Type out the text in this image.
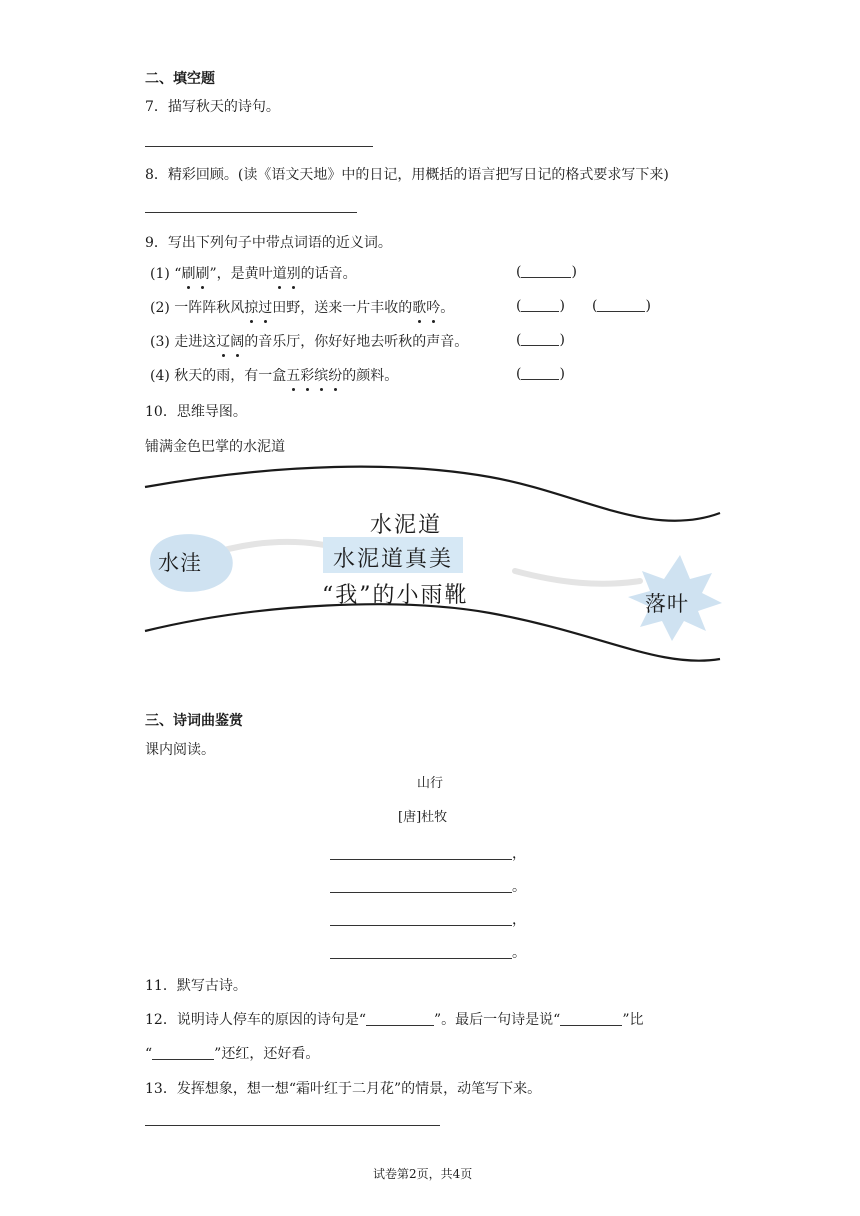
二、填空题
7．描写秋天的诗句。
8．精彩回顾。(读《语文天地》中的日记，用概括的语言把写日记的格式要求写下来)
9．写出下列句子中带点词语的近义词。
(1) “刷刷”，是黄叶道别的话音。	(	)
(2) 一阵阵秋风掠过田野，送来一片丰收的歌吟。	(	) (	)
(3) 走进这辽阔的音乐厅，你好好地去听秋的声音。	(	)
(4) 秋天的雨，有一盒五彩缤纷的颜料。	(	)
10．思维导图。
铺满金色巴掌的水泥道
水泥道
水泥道真美
“我”的小雨靴
水洼
落叶
三、诗词曲鉴赏
课内阅读。
山行
[唐]杜牧
，
。
，
。
11．默写古诗。
12．说明诗人停车的原因的诗句是“	”。最后一句诗是说“	”比
“	”还红，还好看。
13．发挥想象，想一想“霜叶红于二月花”的情景，动笔写下来。
试卷第2页，共4页
